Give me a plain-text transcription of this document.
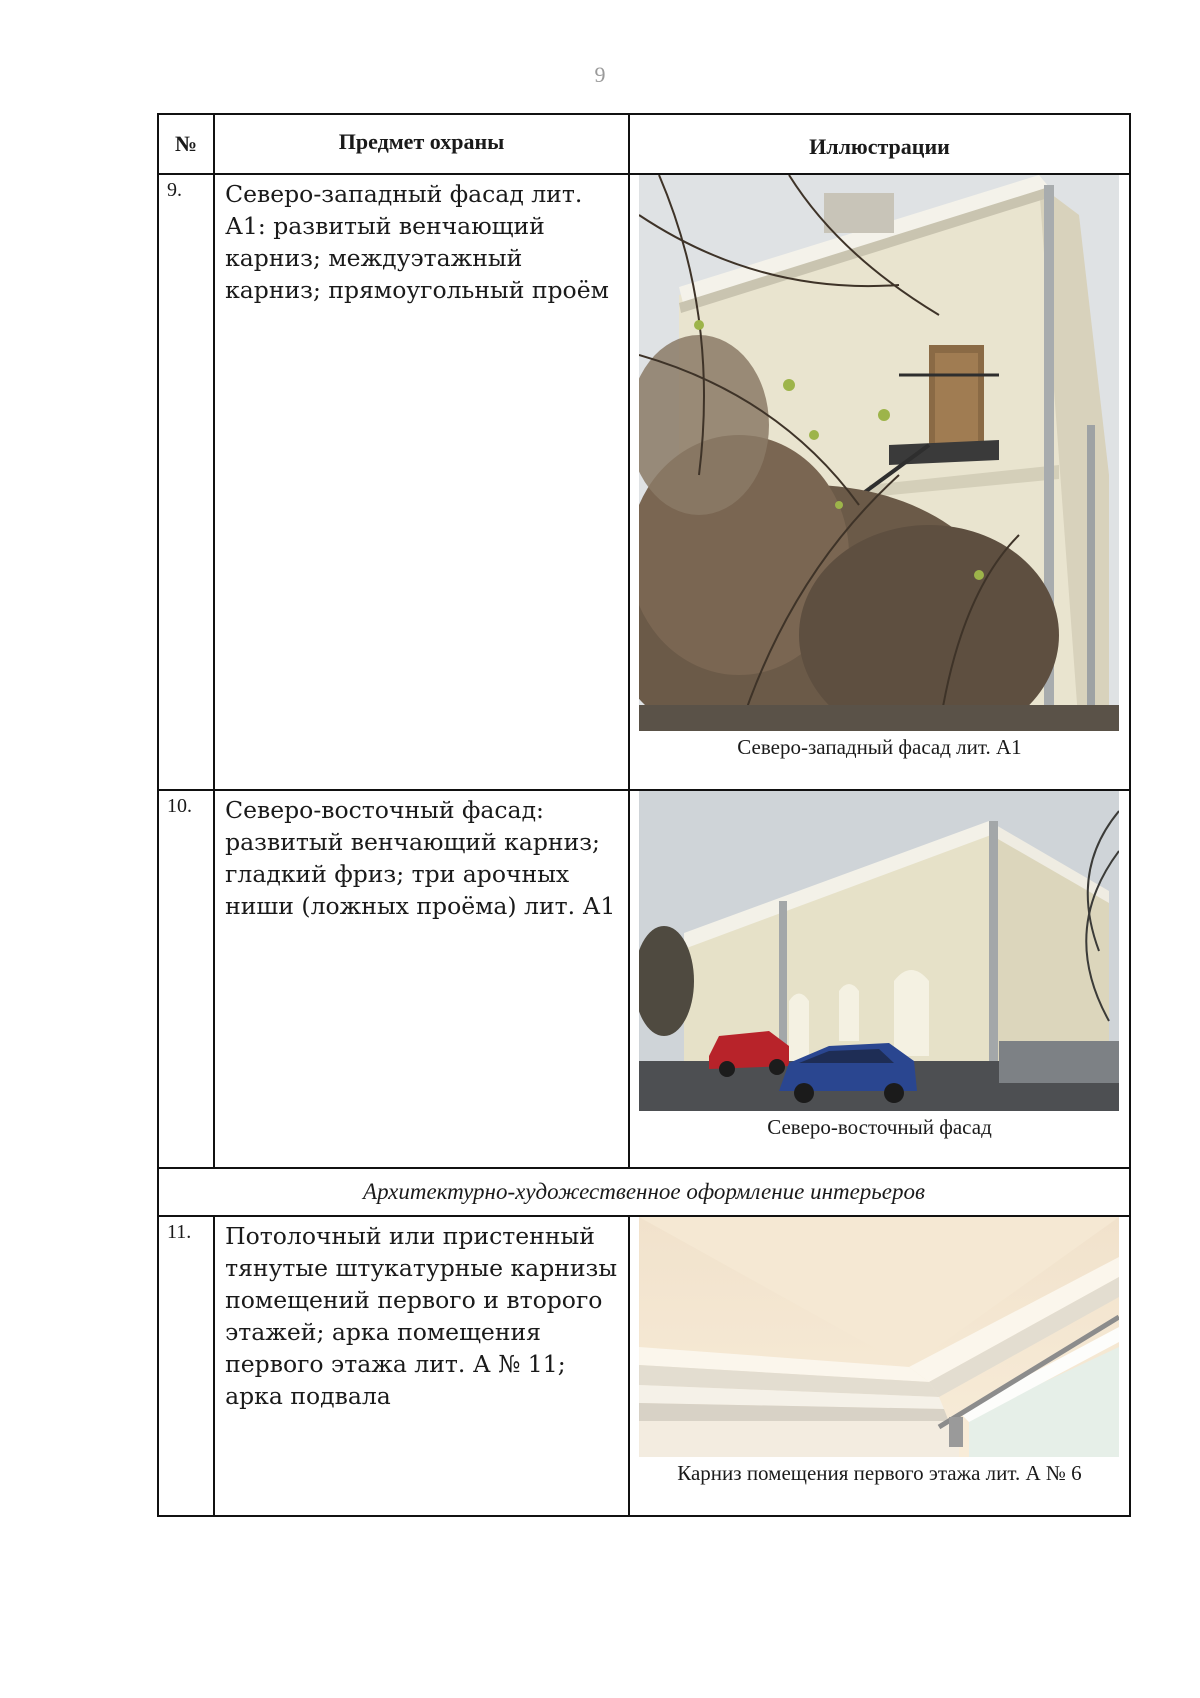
9
№	Предмет охраны	Иллюстрации
9.	Северо-западный фасад лит. А1: развитый венчающий карниз; междуэтажный карниз; прямоугольный проём	Северо-западный фасад лит. А1

10.	Северо-восточный фасад: развитый венчающий карниз; гладкий фриз; три арочных ниши (ложных проёма) лит. А1	Северо-восточный фасад

Архитектурно-художественное оформление интерьеров		
11.	Потолочный или пристенный тянутые штукатурные карнизы помещений первого и второго этажей; арка помещения первого этажа лит. А № 11; арка подвала	Карниз помещения первого этажа лит. А № 6
